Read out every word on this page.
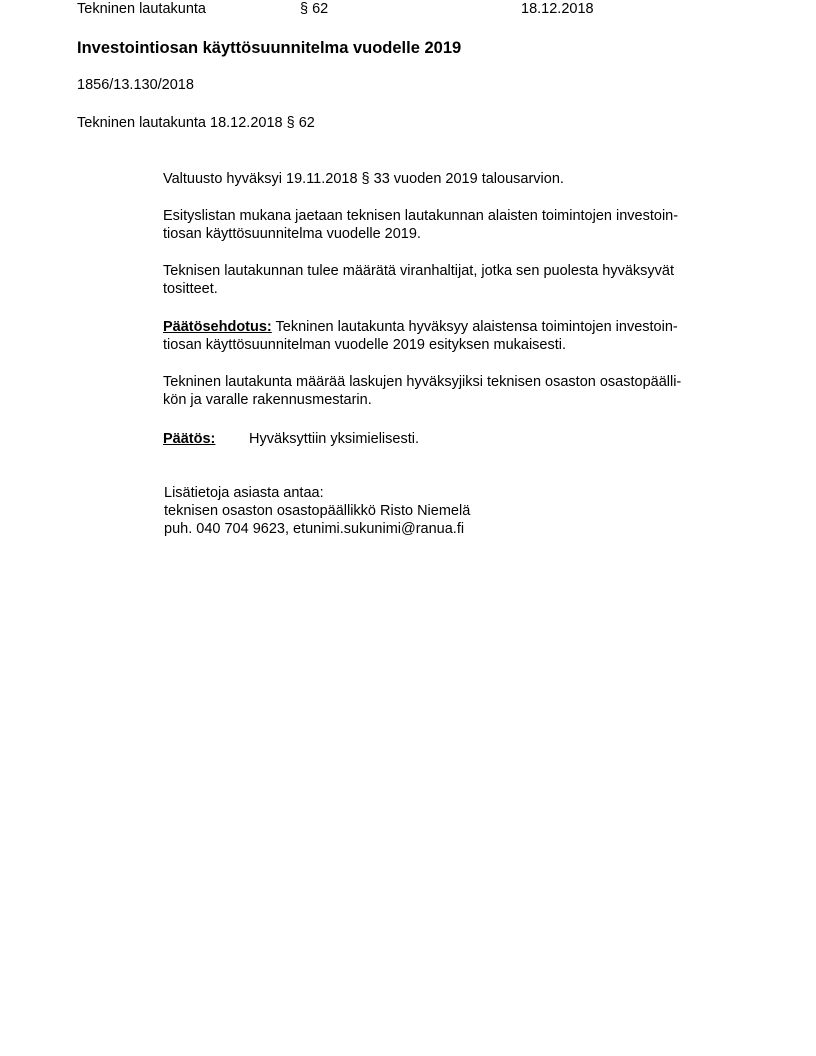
Tekninen lautakunta	§ 62	18.12.2018
Investointiosan käyttösuunnitelma vuodelle 2019
1856/13.130/2018
Tekninen lautakunta 18.12.2018 § 62
Valtuusto hyväksyi 19.11.2018 § 33 vuoden 2019 talousarvion.
Esityslistan mukana jaetaan teknisen lautakunnan alaisten toimintojen investoin-
tiosan käyttösuunnitelma vuodelle 2019.
Teknisen lautakunnan tulee määrätä viranhaltijat, jotka sen puolesta hyväksyvät
tositteet.
Päätösehdotus: Tekninen lautakunta hyväksyy alaistensa toimintojen investoin-
tiosan käyttösuunnitelman vuodelle 2019 esityksen mukaisesti.
Tekninen lautakunta määrää laskujen hyväksyjiksi teknisen osaston osastopäälli-
kön ja varalle rakennusmestarin.
Päätös: Hyväksyttiin yksimielisesti.
Lisätietoja asiasta antaa:
teknisen osaston osastopäällikkö Risto Niemelä
puh. 040 704 9623, etunimi.sukunimi@ranua.fi
